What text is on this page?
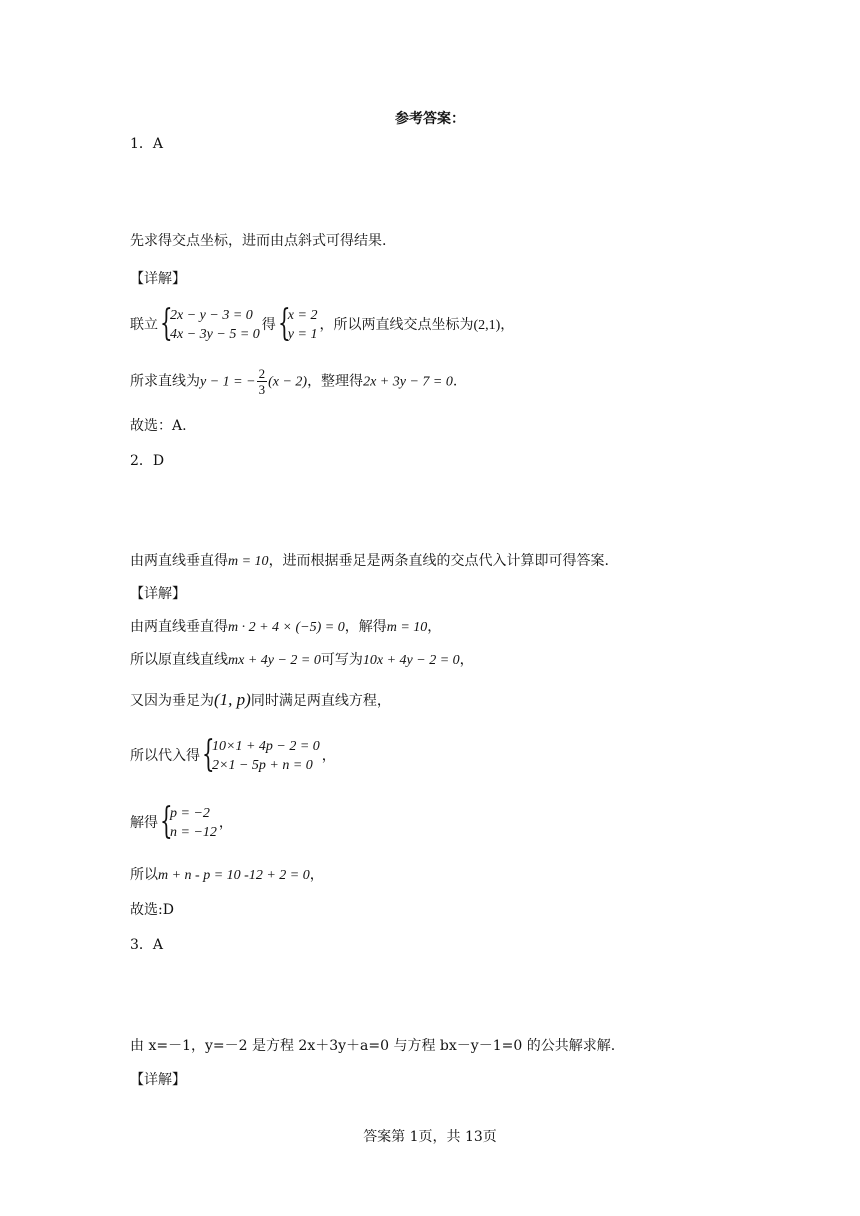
参考答案：
1．A
先求得交点坐标，进而由点斜式可得结果.
【详解】
联立 {
2x − y − 3 = 0
4x − 3y − 5 = 0
得 {
x = 2
y = 1
，所以两直线交点坐标为(2,1)，
所求直线为y − 1 = − $\frac{2}{3} (x - 2)$，整理得2x + 3y − 7 = 0.
故选：A.
2．D
由两直线垂直得m = 10，进而根据垂足是两条直线的交点代入计算即可得答案.
【详解】
由两直线垂直得m · 2 + 4 × (−5) = 0，解得m = 10，
所以原直线直线mx + 4y − 2 = 0可写为10x + 4y − 2 = 0，
又因为垂足为(1, p)同时满足两直线方程，
所以代入得 {
10×1 + 4p − 2 = 0
2×1 − 5p + n = 0
，
解得 {
p = −2
n = −12
，
所以m + n - p = 10 -12 + 2 = 0，
故选:D
3．A
由 x=－1，y=－2 是方程 2x＋3y＋a=0 与方程 bx－y－1=0 的公共解求解.
【详解】
答案第 1页，共 13页
